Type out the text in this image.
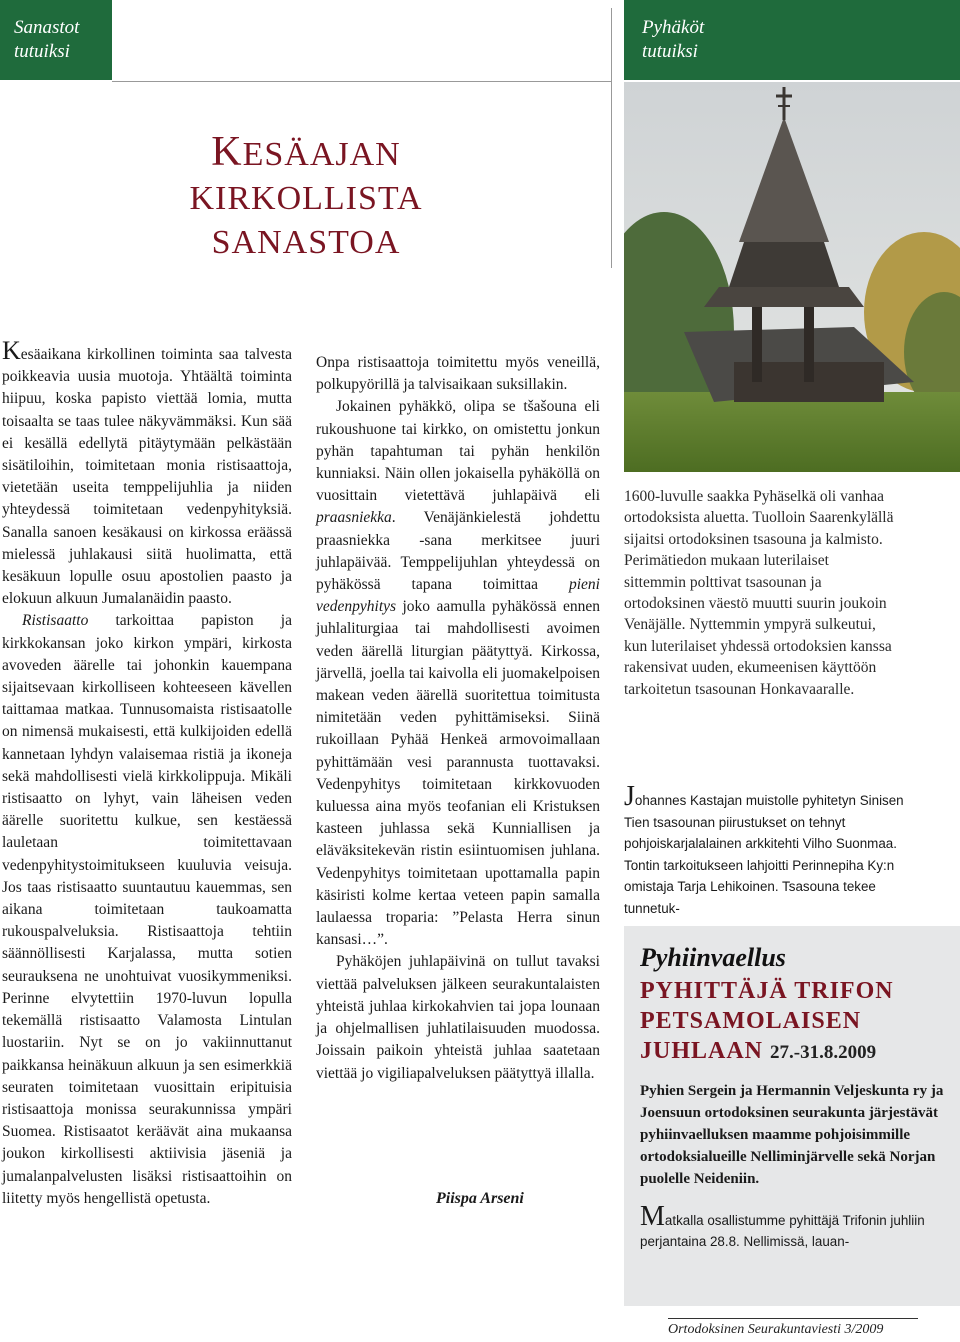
Sanastot
tutuiksi
Pyhäköt
tutuiksi
KESÄAJAN
KIRKOLLISTA
SANASTOA

Kesäaikana kirkollinen toiminta saa talvesta poikkeavia uusia muotoja. Yhtäältä toiminta hiipuu, koska papisto viettää lomia, mutta toisaalta se taas tulee näkyvämmäksi. Kun sää ei kesällä edellytä pitäytymään pelkästään sisätiloihin, toimitetaan monia ristisaattoja, vietetään useita temppelijuhlia ja niiden yhteydessä toimitetaan vedenpyhityksiä. Sanalla sanoen kesäkausi on kirkossa eräässä mielessä juhlakausi siitä huolimatta, että kesäkuun lopulle osuu apostolien paasto ja elokuun alkuun Jumalanäidin paasto.

Ristisaatto tarkoittaa papiston ja kirkkokansan joko kirkon ympäri, kirkosta avoveden äärelle tai johonkin kauempana sijaitsevaan kirkolliseen kohteeseen kävellen taittamaa matkaa. Tunnusomaista ristisaatolle on nimensä mukaisesti, että kulkijoiden edellä kannetaan lyhdyn valaisemaa ristiä ja ikoneja sekä mahdollisesti vielä kirkkolippuja. Mikäli ristisaatto on lyhyt, vain läheisen veden äärelle suoritettu kulkue, sen kestäessä lauletaan toimitettavaan vedenpyhitystoimitukseen kuuluvia veisuja. Jos taas ristisaatto suuntautuu kauemmas, sen aikana toimitetaan taukoamatta rukouspalveluksia. Ristisaattoja tehtiin säännöllisesti Karjalassa, mutta sotien seurauksena ne unohtuivat vuosikymmeniksi. Perinne elvytettiin 1970-luvun lopulla tekemällä ristisaatto Valamosta Lintulan luostariin. Nyt se on jo vakiinnuttanut paikkansa heinäkuun alkuun ja sen esimerkkiä seuraten toimitetaan vuosittain eripituisia ristisaattoja monissa seurakunnissa ympäri Suomea. Ristisaatot keräävät aina mukaansa joukon kirkollisesti aktiivisia jäseniä ja jumalanpalvelusten lisäksi ristisaattoihin on liitetty myös hengellistä opetusta.

Onpa ristisaattoja toimitettu myös veneillä, polkupyörillä ja talvisaikaan suksillakin.

Jokainen pyhäkkö, olipa se tšašouna eli rukoushuone tai kirkko, on omistettu jonkun pyhän tapahtuman tai pyhän henkilön kunniaksi. Näin ollen jokaisella pyhäköllä on vuosittain vietettävä juhlapäivä eli praasniekka. Venäjänkielestä johdettu praasniekka -sana merkitsee juuri juhlapäivää. Temppelijuhlan yhteydessä on pyhäkössä tapana toimittaa pieni vedenpyhitys joko aamulla pyhäkössä ennen juhlaliturgiaa tai mahdollisesti avoimen veden äärellä liturgian päätyttyä. Kirkossa, järvellä, joella tai kaivolla eli juomakelpoisen makean veden äärellä suoritettua toimitusta nimitetään veden pyhittämiseksi. Siinä rukoillaan Pyhää Henkeä armovoimallaan pyhittämään vesi parannusta tuottavaksi. Vedenpyhitys toimitetaan kirkkovuoden kuluessa aina myös teofanian eli Kristuksen kasteen juhlassa sekä Kunniallisen ja eläväksitekevän ristin esiintuomisen juhlana. Vedenpyhitys toimitetaan upottamalla papin käsiristi kolme kertaa veteen papin samalla laulaessa troparia: ”Pelasta Herra sinun kansasi…”.

Pyhäköjen juhlapäivinä on tullut tavaksi viettää palveluksen jälkeen seurakuntalaisten yhteistä juhlaa kirkokahvien tai jopa lounaan ja ohjelmallisen juhlatilaisuuden muodossa. Joissain paikoin yhteistä juhlaa saatetaan viettää jo vigiliapalveluksen päätyttyä illalla.

Piispa Arseni

1600-luvulle saakka Pyhäselkä oli vanhaa ortodoksista aluetta. Tuolloin Saarenkylällä sijaitsi ortodoksinen tsasouna ja kalmisto. Perimätiedon mukaan luterilaiset sittemmin polttivat tsasounan ja ortodoksinen väestö muutti suurin joukoin Venäjälle. Nyttemmin ympyrä sulkeutui, kun luterilaiset yhdessä ortodoksien kanssa rakensivat uuden, ekumeenisen käyttöön tarkoitetun tsasounan Honkavaaralle.

Johannes Kastajan muistolle pyhitetyn Sinisen Tien tsasounan piirustukset on tehnyt pohjoiskarjalalainen arkkitehti Vilho Suonmaa. Tontin tarkoitukseen lahjoitti Perinnepiha Ky:n omistaja Tarja Lehikoinen. Tsasouna tekee tunnetuk-

Pyhiinvaellus
PYHITTÄJÄ TRIFON
PETSAMOLAISEN
JUHLAAN 27.-31.8.2009
Pyhien Sergein ja Hermannin Veljeskunta ry ja Joensuun ortodoksinen seurakunta järjestävät pyhiinvaelluksen maamme pohjoisimmille ortodoksialueille Nelliminjärvelle sekä Norjan puolelle Neideniin.
Matkalla osallistumme pyhittäjä Trifonin juhliin perjantaina 28.8. Nellimissä, lauan-
Ortodoksinen Seurakuntaviesti 3/2009
